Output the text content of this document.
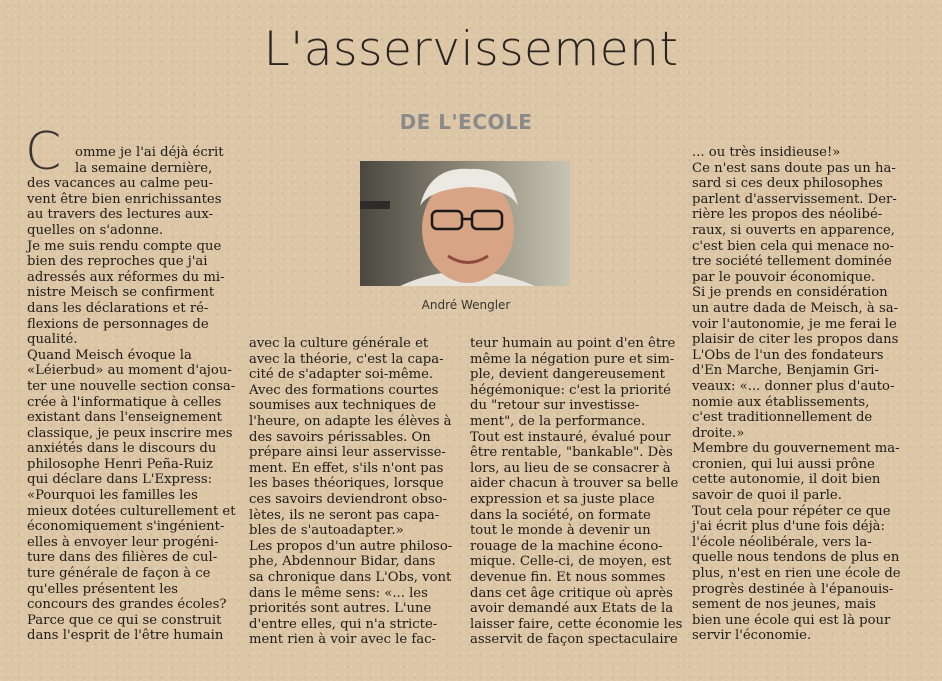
L'asservissement
DE L'ECOLE
André Wengler
C	omme je l'ai déjà écrit
la semaine dernière,
des vacances au calme peu-
vent être bien enrichissantes
au travers des lectures aux-
quelles on s'adonne.
Je me suis rendu compte que
bien des reproches que j'ai
adressés aux réformes du mi-
nistre Meisch se confirment
dans les déclarations et ré-
flexions de personnages de
qualité.
Quand Meisch évoque la
«Léierbud» au moment d'ajou-
ter une nouvelle section consa-
crée à l'informatique à celles
existant dans l'enseignement
classique, je peux inscrire mes
anxiétés dans le discours du
philosophe Henri Peña-Ruiz
qui déclare dans L'Express:
«Pourquoi les familles les
mieux dotées culturellement et
économiquement s'ingénient-
elles à envoyer leur progéni-
ture dans des filières de cul-
ture générale de façon à ce
qu'elles présentent les
concours des grandes écoles?
Parce que ce qui se construit
dans l'esprit de l'être humain
avec la culture générale et
avec la théorie, c'est la capa-
cité de s'adapter soi-même.
Avec des formations courtes
soumises aux techniques de
l'heure, on adapte les élèves à
des savoirs périssables. On
prépare ainsi leur asservisse-
ment. En effet, s'ils n'ont pas
les bases théoriques, lorsque
ces savoirs deviendront obso-
lètes, ils ne seront pas capa-
bles de s'autoadapter.»
Les propos d'un autre philoso-
phe, Abdennour Bidar, dans
sa chronique dans L'Obs, vont
dans le même sens: «... les
priorités sont autres. L'une
d'entre elles, qui n'a stricte-
ment rien à voir avec le fac-
teur humain au point d'en être
même la négation pure et sim-
ple, devient dangereusement
hégémonique: c'est la priorité
du "retour sur investisse-
ment", de la performance.
Tout est instauré, évalué pour
être rentable, "bankable". Dès
lors, au lieu de se consacrer à
aider chacun à trouver sa belle
expression et sa juste place
dans la société, on formate
tout le monde à devenir un
rouage de la machine écono-
mique. Celle-ci, de moyen, est
devenue fin. Et nous sommes
dans cet âge critique où après
avoir demandé aux Etats de la
laisser faire, cette économie les
asservit de façon spectaculaire
... ou très insidieuse!»
Ce n'est sans doute pas un ha-
sard si ces deux philosophes
parlent d'asservissement. Der-
rière les propos des néolibé-
raux, si ouverts en apparence,
c'est bien cela qui menace no-
tre société tellement dominée
par le pouvoir économique.
Si je prends en considération
un autre dada de Meisch, à sa-
voir l'autonomie, je me ferai le
plaisir de citer les propos dans
L'Obs de l'un des fondateurs
d'En Marche, Benjamin Gri-
veaux: «... donner plus d'auto-
nomie aux établissements,
c'est traditionnellement de
droite.»
Membre du gouvernement ma-
cronien, qui lui aussi prône
cette autonomie, il doit bien
savoir de quoi il parle.
Tout cela pour répéter ce que
j'ai écrit plus d'une fois déjà:
l'école néolibérale, vers la-
quelle nous tendons de plus en
plus, n'est en rien une école de
progrès destinée à l'épanouis-
sement de nos jeunes, mais
bien une école qui est là pour
servir l'économie.
